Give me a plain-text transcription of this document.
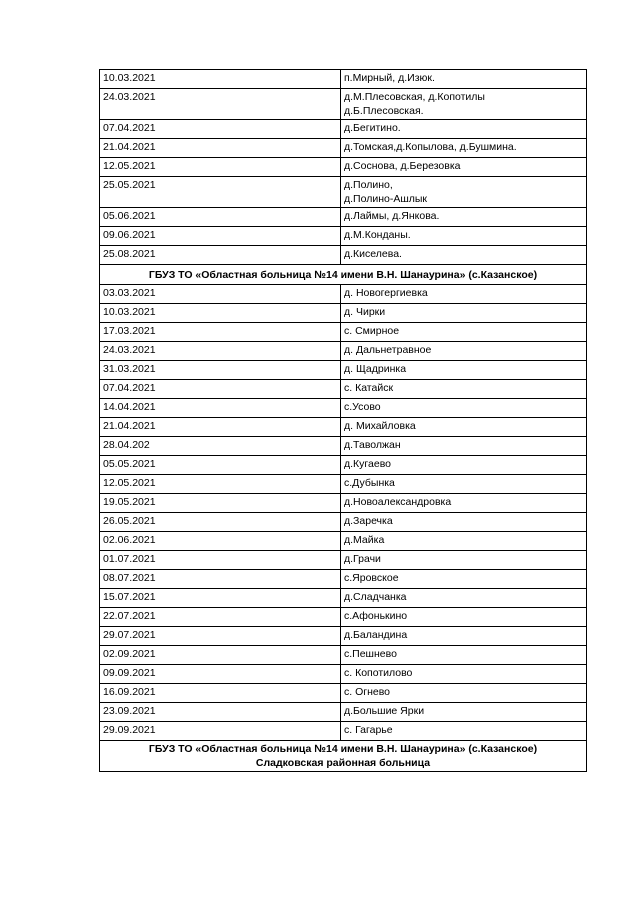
10.03.2021	п.Мирный, д.Изюк.

24.03.2021	д.М.Плесовская, д.Копотилы
д.Б.Плесовская.

07.04.2021	д.Бегитино.

21.04.2021	д.Томская,д.Копылова, д.Бушмина.

12.05.2021	д.Соснова, д.Березовка

25.05.2021	д.Полино,
д.Полино-Ашлык

05.06.2021	д.Лаймы, д.Янкова.

09.06.2021	д.М.Конданы.

25.08.2021	д.Киселева.

ГБУЗ ТО «Областная больница №14 имени В.Н. Шанаурина» (с.Казанское)	

03.03.2021	д. Новогергиевка

10.03.2021	д. Чирки

17.03.2021	с. Смирное

24.03.2021	д. Дальнетравное

31.03.2021	д. Щадринка

07.04.2021	с. Катайск

14.04.2021	с.Усово

21.04.2021	д. Михайловка

28.04.202	д.Таволжан

05.05.2021	д.Кугаево

12.05.2021	с.Дубынка

19.05.2021	д.Новоалександровка

26.05.2021	д.Заречка

02.06.2021	д.Майка

01.07.2021	д.Грачи

08.07.2021	с.Яровское

15.07.2021	д.Сладчанка

22.07.2021	с.Афонькино

29.07.2021	д.Баландина

02.09.2021	с.Пешнево

09.09.2021	с. Копотилово

16.09.2021	с. Огнево

23.09.2021	д.Большие Ярки

29.09.2021	с. Гагарье

ГБУЗ ТО «Областная больница №14 имени В.Н. Шанаурина» (с.Казанское)
Сладковская районная больница	
